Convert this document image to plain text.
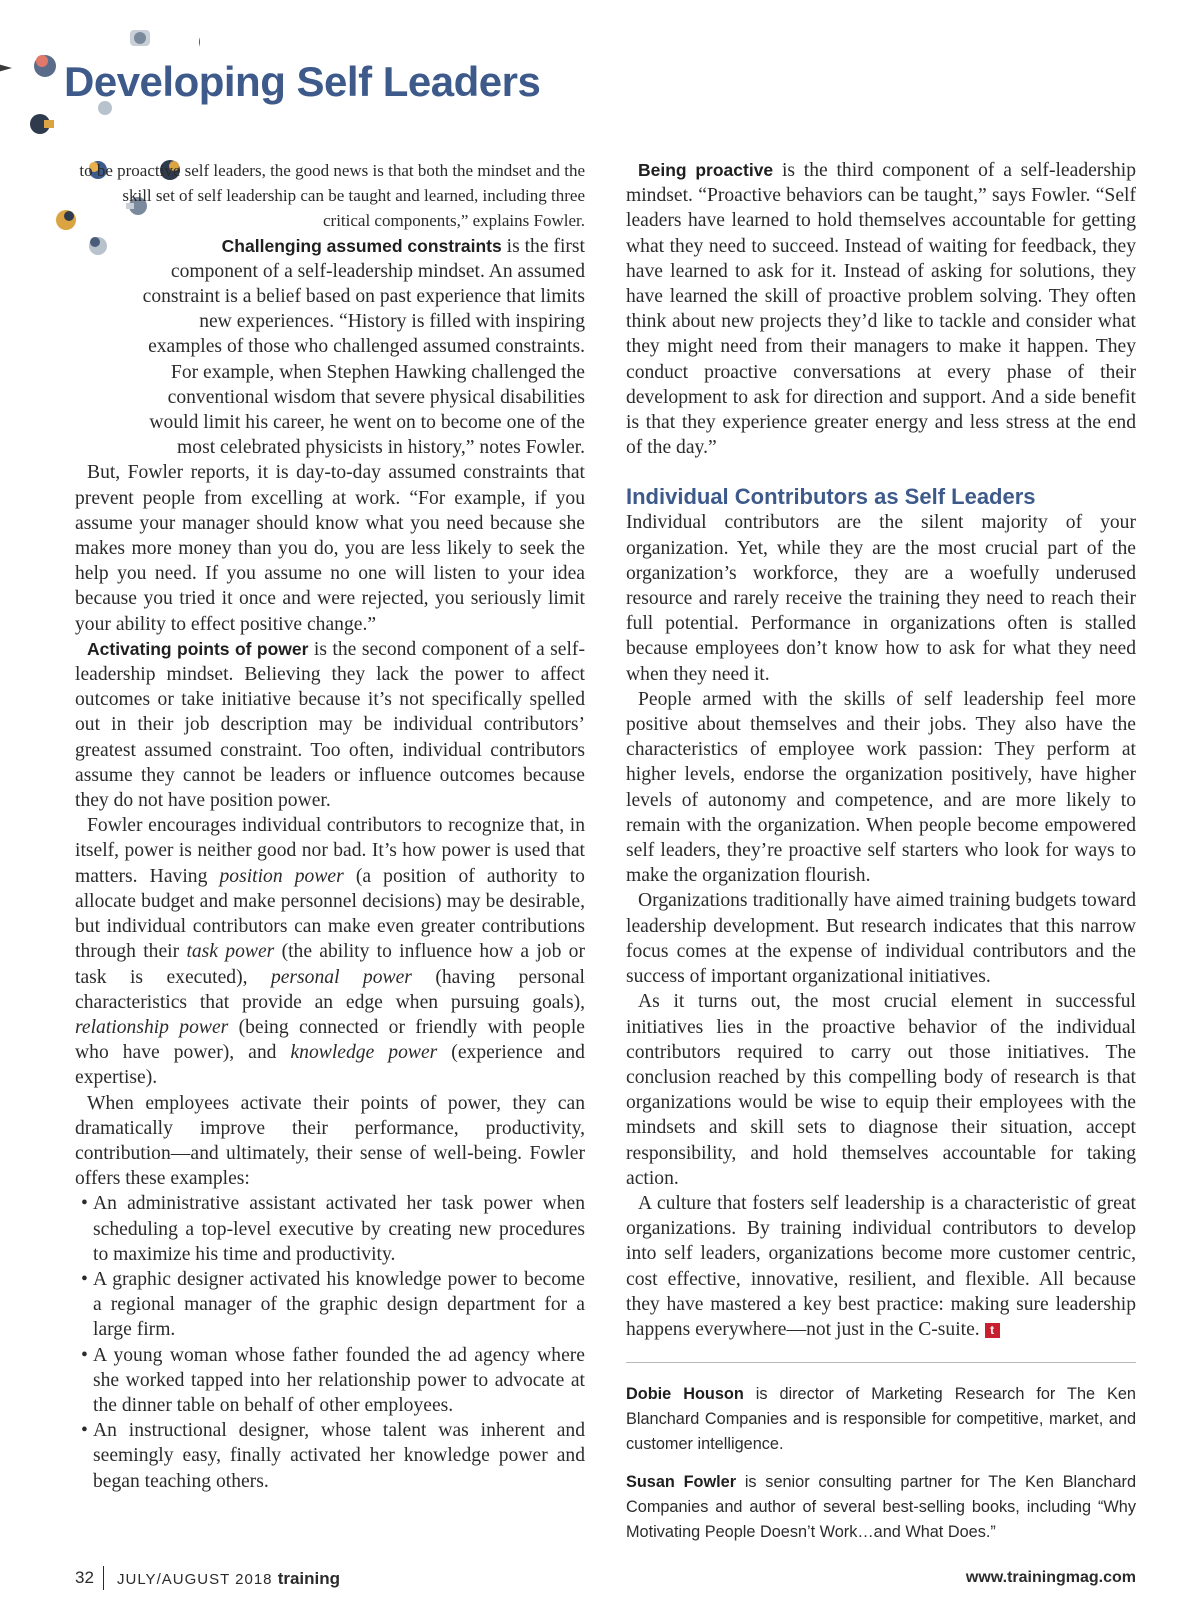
Developing Self Leaders

to be proactive self leaders, the good news is that both the mindset and the skill set of self leadership can be taught and learned, including three critical components,” explains Fowler.

Challenging assumed constraints is the first component of a self-leadership mindset. An assumed constraint is a belief based on past experience that limits new experiences. “History is filled with inspiring examples of those who challenged assumed constraints. For example, when Stephen Hawking challenged the conventional wisdom that severe physical disabilities would limit his career, he went on to become one of the most celebrated physicists in history,” notes Fowler.

But, Fowler reports, it is day-to-day assumed constraints that prevent people from excelling at work. “For example, if you assume your manager should know what you need because she makes more money than you do, you are less likely to seek the help you need. If you assume no one will listen to your idea because you tried it once and were rejected, you seriously limit your ability to effect positive change.”

Activating points of power is the second component of a self-leadership mindset. Believing they lack the power to affect outcomes or take initiative because it’s not specifically spelled out in their job description may be individual contributors’ greatest assumed constraint. Too often, individual contributors assume they cannot be leaders or influence outcomes because they do not have position power.

Fowler encourages individual contributors to recognize that, in itself, power is neither good nor bad. It’s how power is used that matters. Having position power (a position of authority to allocate budget and make personnel decisions) may be desirable, but individual contributors can make even greater contributions through their task power (the ability to influence how a job or task is executed), personal power (having personal characteristics that provide an edge when pursuing goals), relationship power (being connected or friendly with people who have power), and knowledge power (experience and expertise).

When employees activate their points of power, they can dramatically improve their performance, productivity, contribution—and ultimately, their sense of well-being. Fowler offers these examples:

• An administrative assistant activated her task power when scheduling a top-level executive by creating new procedures to maximize his time and productivity.
• A graphic designer activated his knowledge power to become a regional manager of the graphic design department for a large firm.
• A young woman whose father founded the ad agency where she worked tapped into her relationship power to advocate at the dinner table on behalf of other employees.
• An instructional designer, whose talent was inherent and seemingly easy, finally activated her knowledge power and began teaching others.

Being proactive is the third component of a self-leadership mindset. “Proactive behaviors can be taught,” says Fowler. “Self leaders have learned to hold themselves accountable for getting what they need to succeed. Instead of waiting for feedback, they have learned to ask for it. Instead of asking for solutions, they have learned the skill of proactive problem solving. They often think about new projects they’d like to tackle and consider what they might need from their managers to make it happen. They conduct proactive conversations at every phase of their development to ask for direction and support. And a side benefit is that they experience greater energy and less stress at the end of the day.”

Individual Contributors as Self Leaders

Individual contributors are the silent majority of your organization. Yet, while they are the most crucial part of the organization’s workforce, they are a woefully underused resource and rarely receive the training they need to reach their full potential. Performance in organizations often is stalled because employees don’t know how to ask for what they need when they need it.

People armed with the skills of self leadership feel more positive about themselves and their jobs. They also have the characteristics of employee work passion: They perform at higher levels, endorse the organization positively, have higher levels of autonomy and competence, and are more likely to remain with the organization. When people become empowered self leaders, they’re proactive self starters who look for ways to make the organization flourish.

Organizations traditionally have aimed training budgets toward leadership development. But research indicates that this narrow focus comes at the expense of individual contributors and the success of important organizational initiatives.

As it turns out, the most crucial element in successful initiatives lies in the proactive behavior of the individual contributors required to carry out those initiatives. The conclusion reached by this compelling body of research is that organizations would be wise to equip their employees with the mindsets and skill sets to diagnose their situation, accept responsibility, and hold themselves accountable for taking action.

A culture that fosters self leadership is a characteristic of great organizations. By training individual contributors to develop into self leaders, organizations become more customer centric, cost effective, innovative, resilient, and flexible. All because they have mastered a key best practice: making sure leadership happens everywhere—not just in the C-suite. t

Dobie Houson is director of Marketing Research for The Ken Blanchard Companies and is responsible for competitive, market, and customer intelligence.

Susan Fowler is senior consulting partner for The Ken Blanchard Companies and author of several best-selling books, including “Why Motivating People Doesn’t Work…and What Does.”

32 JULY/AUGUST 2018 training	www.trainingmag.com
